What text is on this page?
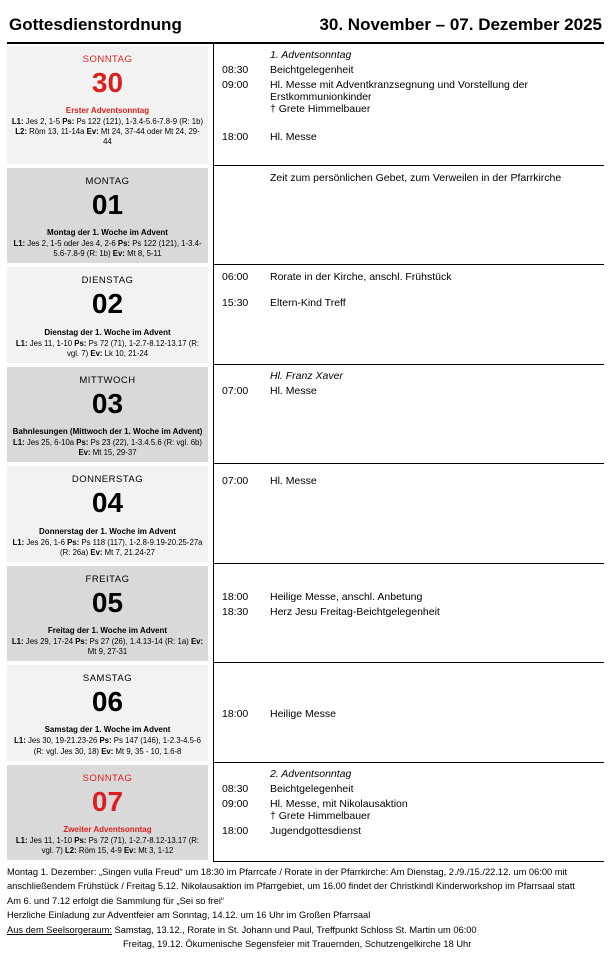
Gottesdienstordnung	30. November – 07. Dezember 2025
SONNTAG
30
Erster Adventsonntag
L1: Jes 2, 1-5 Ps: Ps 122 (121), 1-3.4-5.6-7.8-9 (R: 1b) L2: Röm 13, 11-14a Ev: Mt 24, 37-44 oder Mt 24, 29-44
1. Adventsonntag
08:30	Beichtgelegenheit
09:00	Hl. Messe mit Adventkranzsegnung und Vorstellung der Erstkommunionkinder
† Grete Himmelbauer
18:00	Hl. Messe
MONTAG
01
Montag der 1. Woche im Advent
L1: Jes 2, 1-5 oder Jes 4, 2-6 Ps: Ps 122 (121), 1-3.4-5.6-7.8-9 (R: 1b) Ev: Mt 8, 5-11
Zeit zum persönlichen Gebet, zum Verweilen in der Pfarrkirche
DIENSTAG
02
Dienstag der 1. Woche im Advent
L1: Jes 11, 1-10 Ps: Ps 72 (71), 1-2.7-8.12-13.17 (R: vgl. 7) Ev: Lk 10, 21-24
06:00	Rorate in der Kirche, anschl. Frühstück
15:30	Eltern-Kind Treff
MITTWOCH
03
Bahnlesungen (Mittwoch der 1. Woche im Advent)
L1: Jes 25, 6-10a Ps: Ps 23 (22), 1-3.4.5.6 (R: vgl. 6b) Ev: Mt 15, 29-37
Hl. Franz Xaver
07:00	Hl. Messe
DONNERSTAG
04
Donnerstag der 1. Woche im Advent
L1: Jes 26, 1-6 Ps: Ps 118 (117), 1-2.8-9.19-20.25-27a (R: 26a) Ev: Mt 7, 21.24-27
07:00	Hl. Messe
FREITAG
05
Freitag der 1. Woche im Advent
L1: Jes 29, 17-24 Ps: Ps 27 (26), 1.4.13-14 (R: 1a) Ev: Mt 9, 27-31
18:00	Heilige Messe, anschl. Anbetung
18:30	Herz Jesu Freitag-Beichtgelegenheit
SAMSTAG
06
Samstag der 1. Woche im Advent
L1: Jes 30, 19-21.23-26 Ps: Ps 147 (146), 1-2.3-4.5-6 (R: vgl. Jes 30, 18) Ev: Mt 9, 35 - 10, 1.6-8
18:00	Heilige Messe
SONNTAG
07
Zweiter Adventsonntag
L1: Jes 11, 1-10 Ps: Ps 72 (71), 1-2.7-8.12-13.17 (R: vgl. 7) L2: Röm 15, 4-9 Ev: Mt 3, 1-12
2. Adventsonntag
08:30	Beichtgelegenheit
09:00	Hl. Messe, mit Nikolausaktion
† Grete Himmelbauer
18:00	Jugendgottesdienst
Montag 1. Dezember: „Singen vulla Freud“ um 18:30 im Pfarrcafe / Rorate in der Pfarrkirche: Am Dienstag, 2./9./15./22.12. um 06:00 mit anschließendem Frühstück / Freitag 5.12. Nikolausaktion im Pfarrgebiet, um 16.00 findet der Christkindl Kinderworkshop im Pfarrsaal statt
Am 6. und 7.12 erfolgt die Sammlung für „Sei so frei“
Herzliche Einladung zur Adventfeier am Sonntag, 14.12. um 16 Uhr im Großen Pfarrsaal
Aus dem Seelsorgeraum: Samstag, 13.12., Rorate in St. Johann und Paul, Treffpunkt Schloss St. Martin um 06:00
Freitag, 19.12. Ökumenische Segensfeier mit Trauernden, Schutzengelkirche 18 Uhr
